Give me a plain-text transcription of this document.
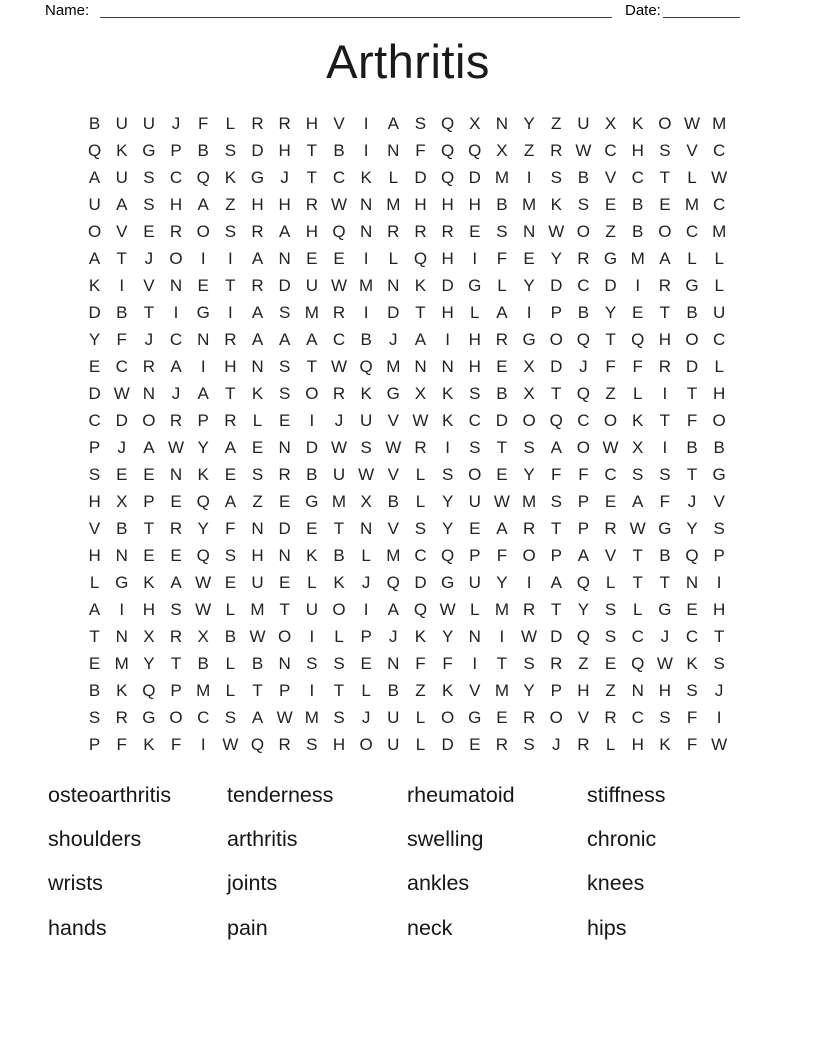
Name:	Date:
Arthritis
B U U J	F	L R R H V	I	A S Q X N Y Z U X K O W M
Q K G P B S D H T B	I	N F Q Q X Z R W C H S V C
A U S C Q K G J	T C K L D Q D M	I	S B V C T	L W
U A S H A Z H H R W N M H H H B M K S E B E M C
O V E R O S R A H Q N R R R E S N W O Z B O C M
A T	J O	I	I	A N E E	I	L Q H	I	F E Y R G M A L	L
K	I	V N E T R D U W M N K D G L Y D C D	I	R G L
D B T	I	G	I	A S M R	I	D T H L A	I	P B Y E T B U
Y F	J C N R A A A C B	J	A	I	H R G O Q T Q H O C
E C R A	I	H N S T W Q M N N H E X D J	F F R D L
D W N J	A T K S O R K G X K S B X T Q Z	L	I	T H
C D O R P R L E	I	J U V W K C D O Q C O K T F O
P	J	A W Y A E N D W S W R	I	S T S A O W X	I	B B
S E E N K E S R B U W V L S O E Y F F C S S T G
H X P E Q A Z E G M X B L Y U W M S P E A F	J	V
V B T R Y F N D E T N V S Y E A R T P R W G Y S
H N E E Q S H N K B L M C Q P F O P A V T B Q P
L G K A W E U E L K	J Q D G U Y	I	A Q L	T T N	I
A	I	H S W L M T U O	I	A Q W L M R T Y S L G E H
T N X R X B W O	I	L P	J	K Y N	I W D Q S C J C T
E M Y T B L B N S S E N F F	I	T S R Z E Q W K S
B K Q P M L	T P	I	T	L B Z K V M Y P H Z N H S	J
S R G O C S A W M S	J U L O G E R O V R C S F	I
P F K F	I W Q R S H O U L D E R S	J R L H K F W
osteoarthritis	tenderness	rheumatoid	stiffness
shoulders	arthritis	swelling	chronic
wrists	joints	ankles	knees
hands	pain	neck	hips
